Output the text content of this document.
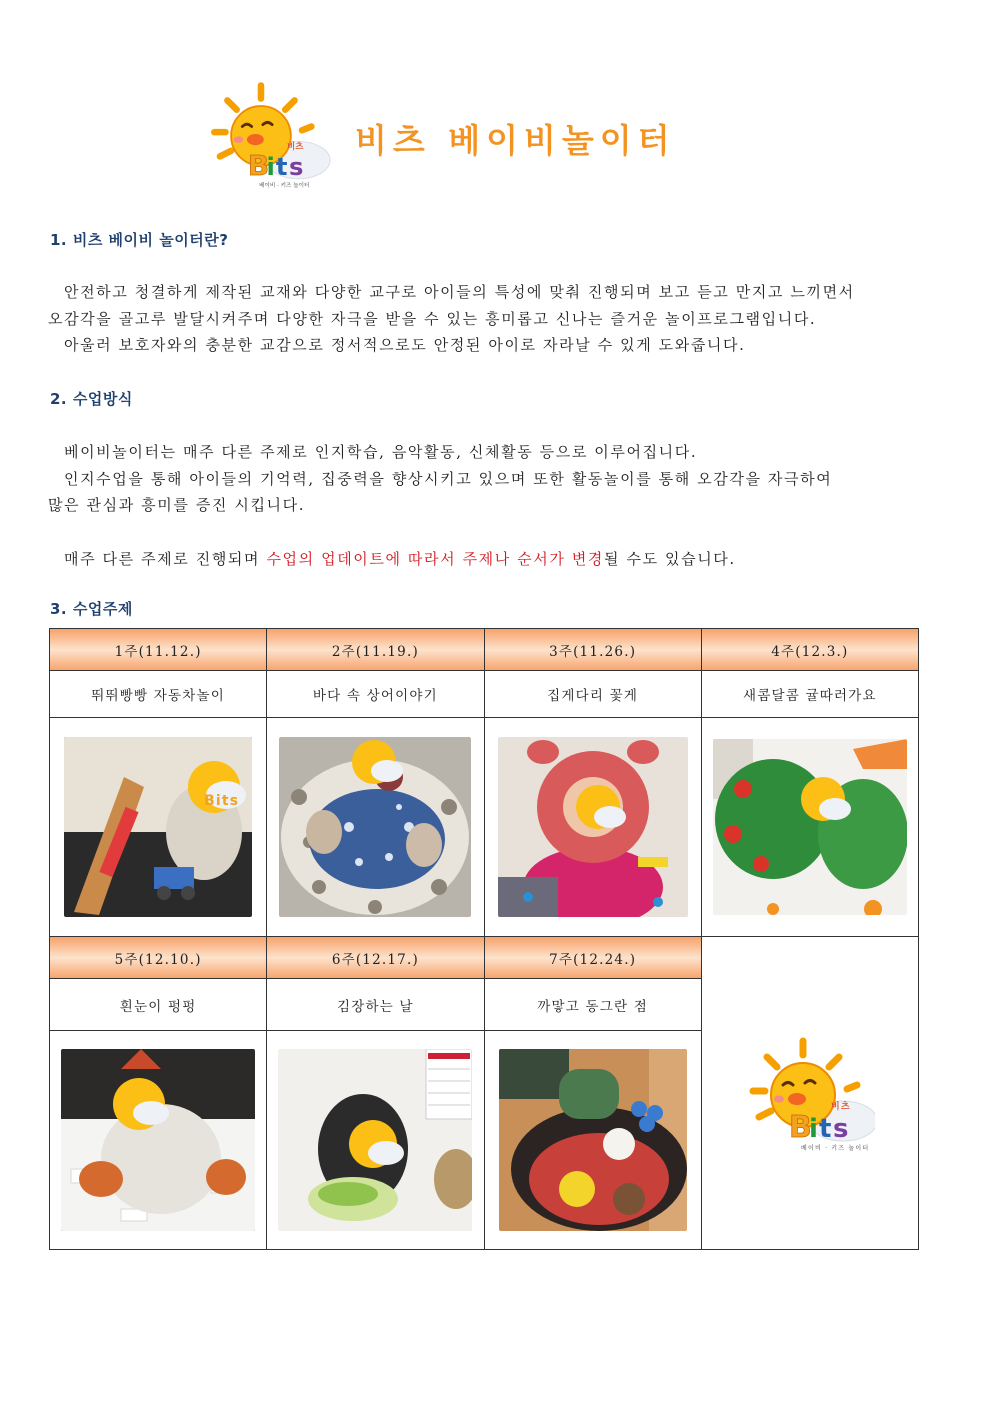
베이비 · 키즈 놀이터
비츠 베이비놀이터
1. 비츠 베이비 놀이터란?
안전하고 청결하게 제작된 교재와 다양한 교구로 아이들의 특성에 맞춰 진행되며 보고 듣고 만지고 느끼면서
오감각을 골고루 발달시켜주며 다양한 자극을 받을 수 있는 흥미롭고 신나는 즐거운 놀이프로그램입니다.
아울러 보호자와의 충분한 교감으로 정서적으로도 안정된 아이로 자라날 수 있게 도와줍니다.
2. 수업방식
베이비놀이터는 매주 다른 주제로 인지학습, 음악활동, 신체활동 등으로 이루어집니다.
인지수업을 통해 아이들의 기억력, 집중력을 향상시키고 있으며 또한 활동놀이를 통해 오감각을 자극하여
많은 관심과 흥미를 증진 시킵니다.
매주 다른 주제로 진행되며 수업의 업데이트에 따라서 주제나 순서가 변경될 수도 있습니다.
3. 수업주제
1주(11.12.)	2주(11.19.)	3주(11.26.)	4주(12.3.)
뛰뛰빵빵 자동차놀이	바다 속 상어이야기	집게다리 꽃게	새콤달콤 귤따러가요

Bits

5주(12.10.)	6주(12.17.)	7주(12.24.)	베이비 · 키즈 놀이터

흰눈이 펑펑	김장하는 날	까맣고 동그란 점	
